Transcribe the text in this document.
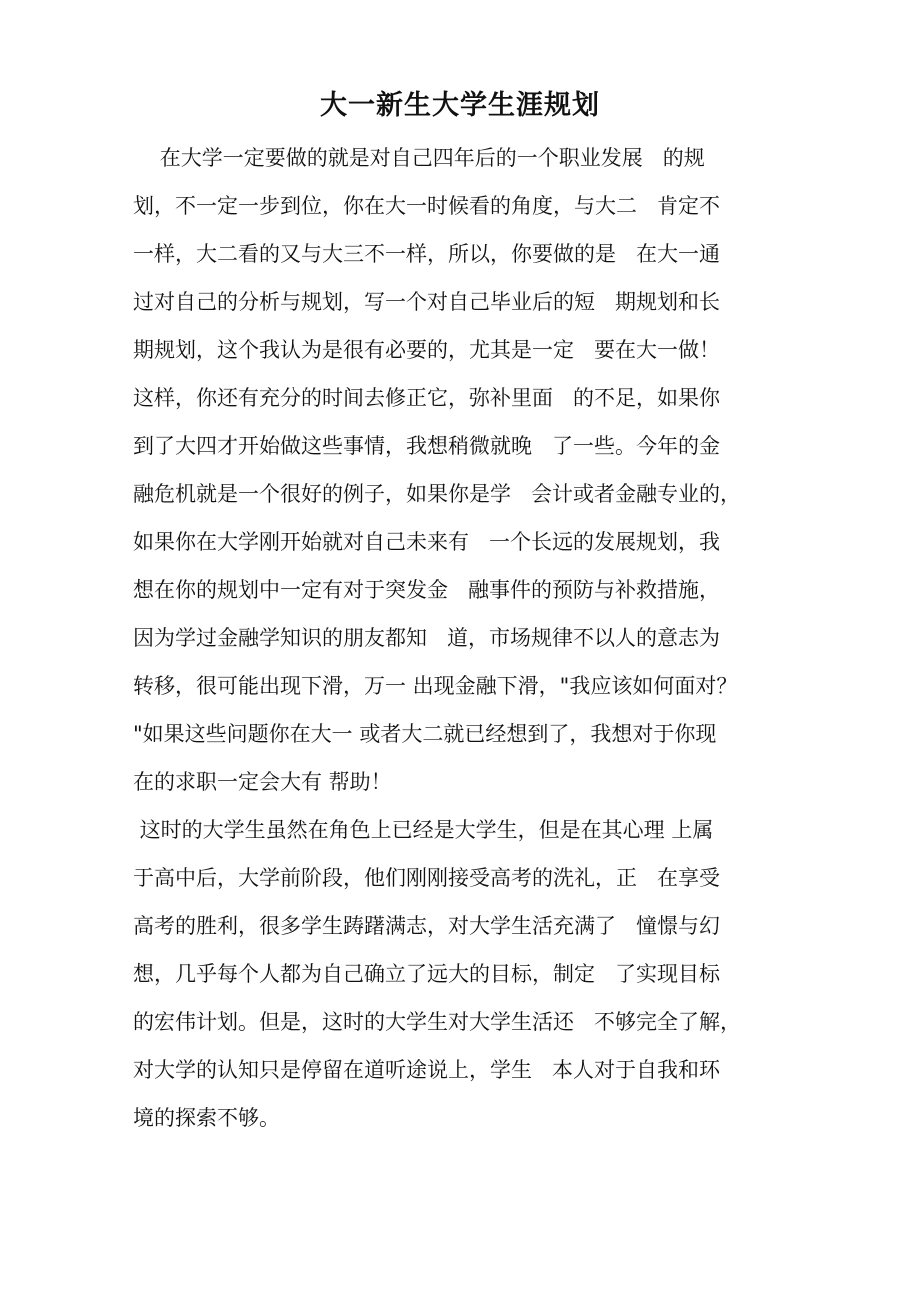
大一新生大学生涯规划
在大学一定要做的就是对自己四年后的一个职业发展   的规
划，不一定一步到位，你在大一时候看的角度，与大二   肯定不
一样，大二看的又与大三不一样，所以，你要做的是   在大一通
过对自己的分析与规划，写一个对自己毕业后的短   期规划和长
期规划，这个我认为是很有必要的，尤其是一定   要在大一做！
这样，你还有充分的时间去修正它，弥补里面   的不足，如果你
到了大四才开始做这些事情，我想稍微就晚   了一些。今年的金
融危机就是一个很好的例子，如果你是学   会计或者金融专业的，
如果你在大学刚开始就对自己未来有   一个长远的发展规划，我
想在你的规划中一定有对于突发金   融事件的预防与补救措施，
因为学过金融学知识的朋友都知   道，市场规律不以人的意志为
转移，很可能出现下滑，万一 出现金融下滑，"我应该如何面对？
"如果这些问题你在大一 或者大二就已经想到了，我想对于你现
在的求职一定会大有 帮助！
这时的大学生虽然在角色上已经是大学生，但是在其心理 上属
于高中后，大学前阶段，他们刚刚接受高考的洗礼，正   在享受
高考的胜利，很多学生踌躇满志，对大学生活充满了   憧憬与幻
想，几乎每个人都为自己确立了远大的目标，制定   了实现目标
的宏伟计划。但是，这时的大学生对大学生活还   不够完全了解，
对大学的认知只是停留在道听途说上，学生   本人对于自我和环
境的探索不够。
